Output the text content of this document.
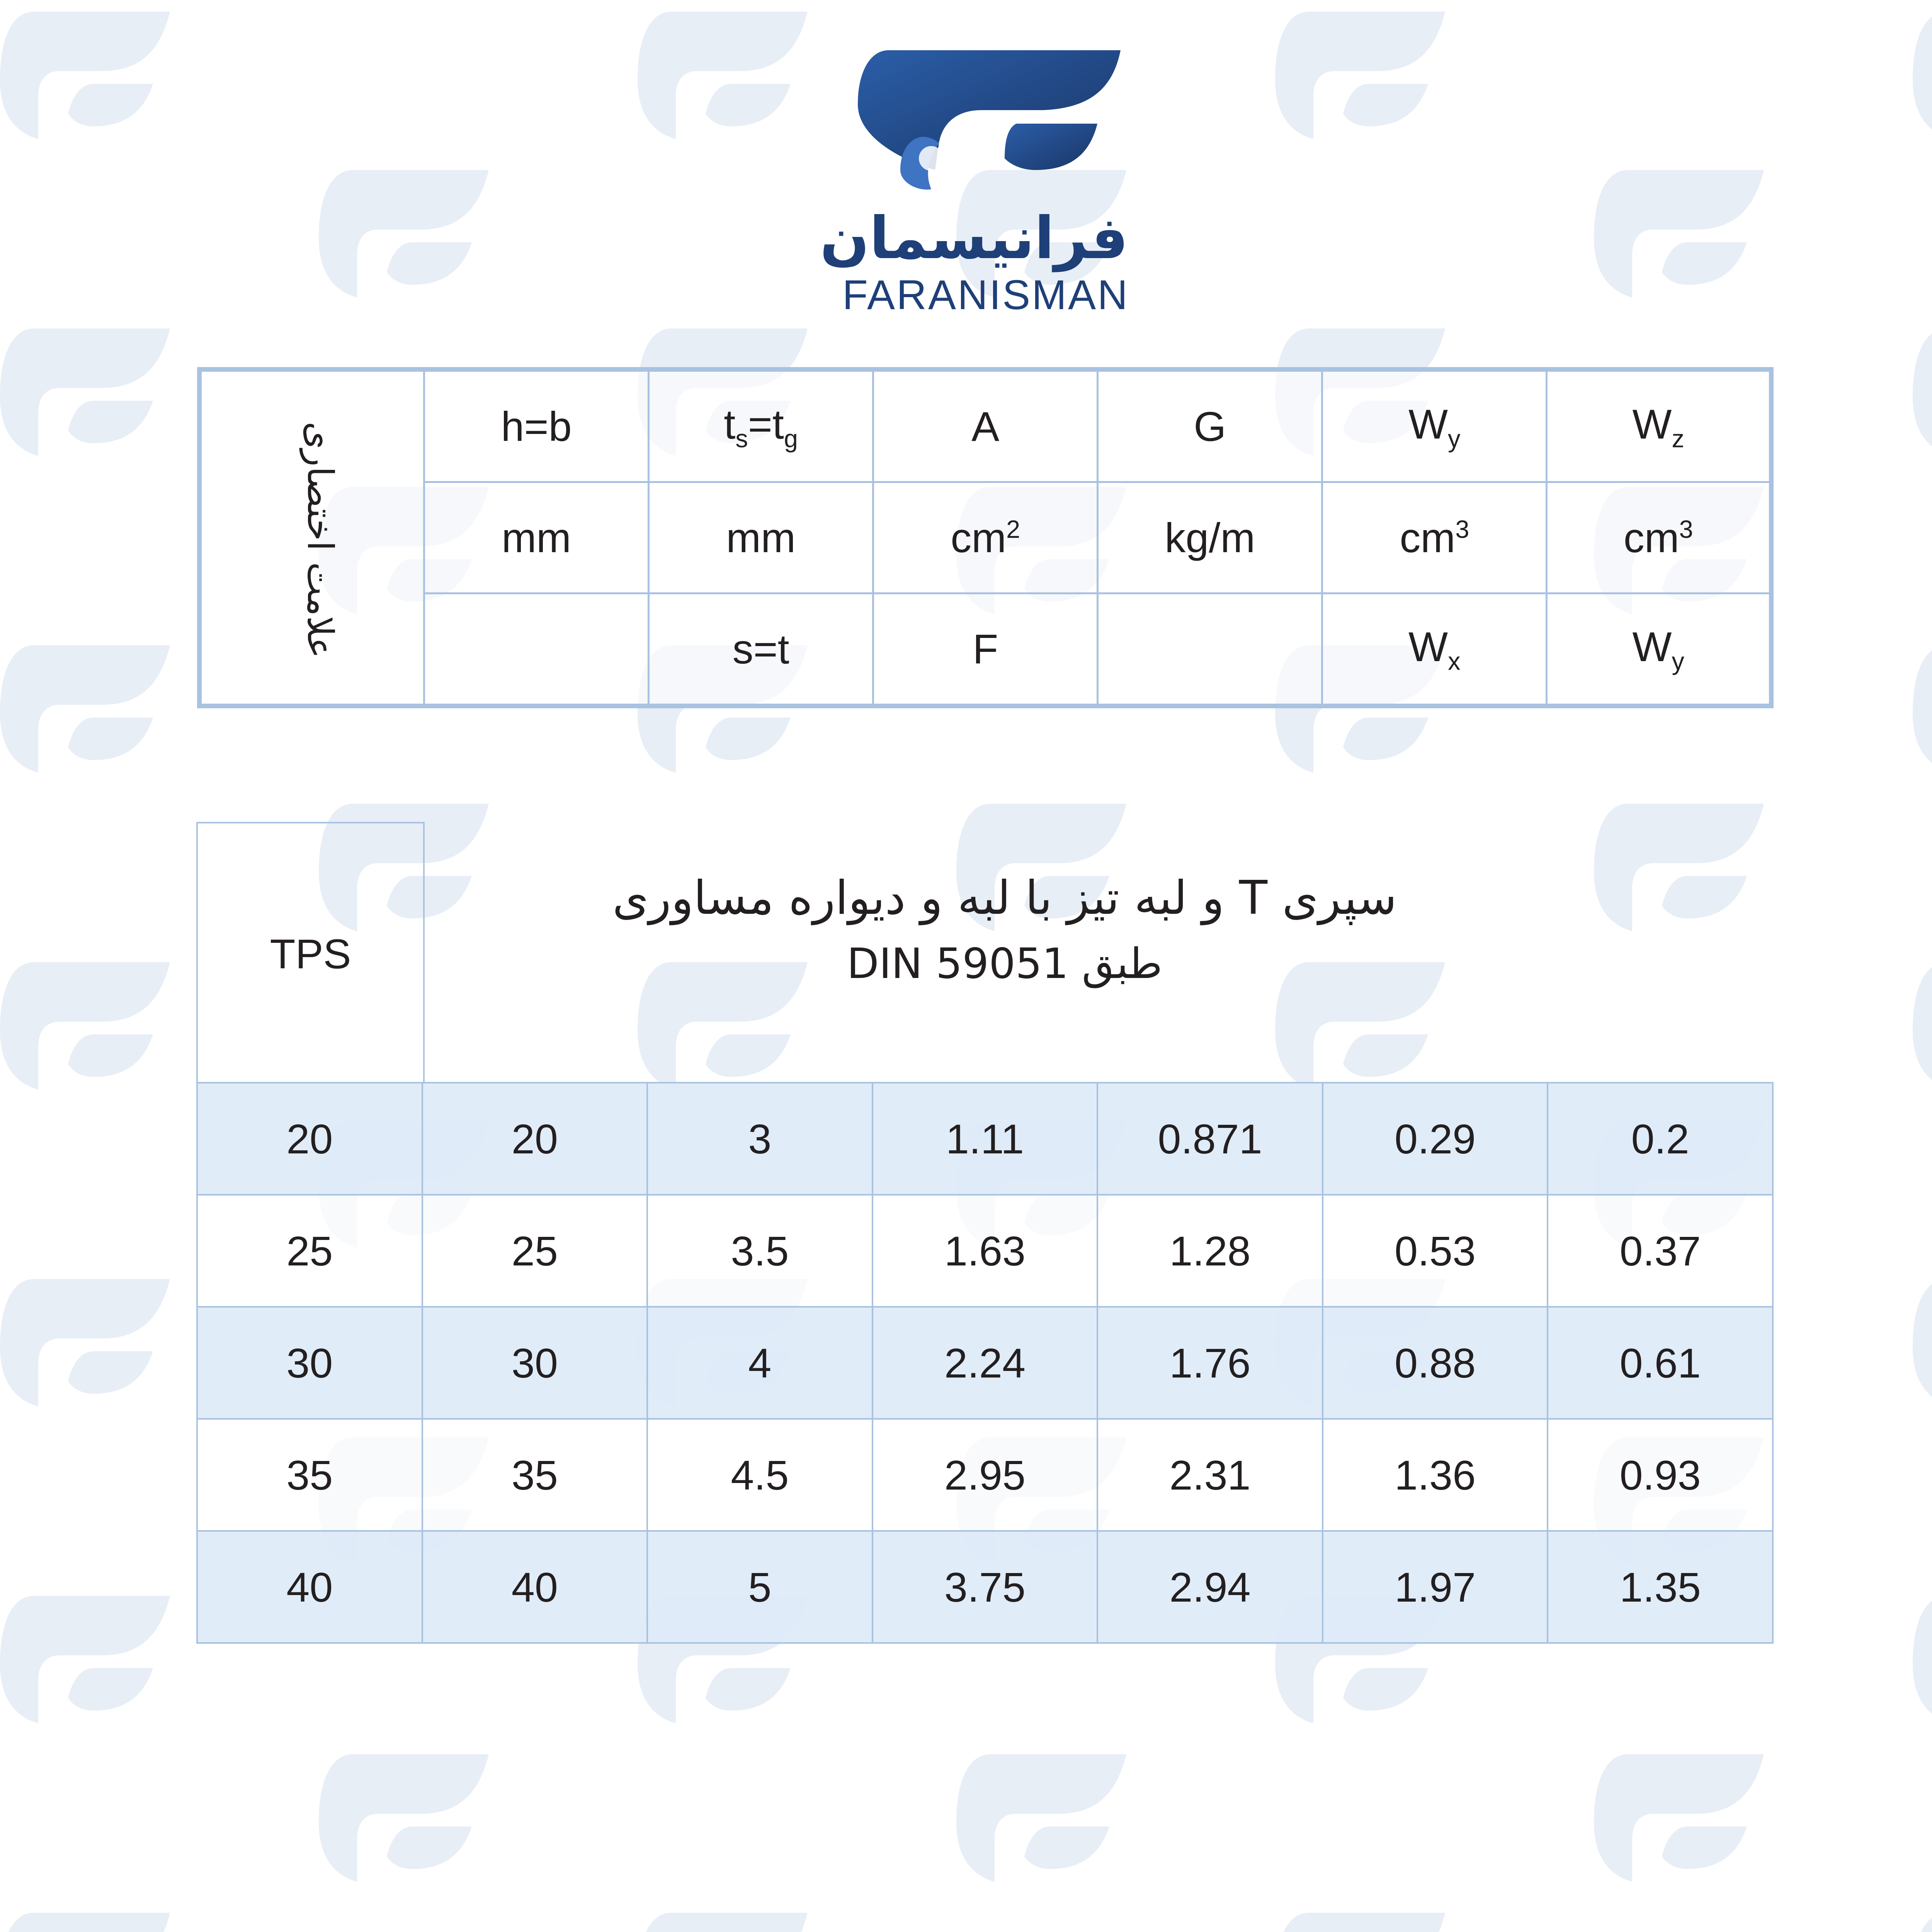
فرانیسمان
FARANISMAN
علامت اختصاری	h=b	$t_s=t_g$	A	G	$W_y$	$W_z$
	mm	mm	$cm^2$	kg/m	$cm^3$	$cm^3$
		s=t	F		$W_x$	$W_y$
TPS
سپری T و لبه تیز با لبه و دیواره مساوری
طبق DIN 59051
20	20	3	1.11	0.871	0.29	0.2
25	25	3.5	1.63	1.28	0.53	0.37
30	30	4	2.24	1.76	0.88	0.61
35	35	4.5	2.95	2.31	1.36	0.93
40	40	5	3.75	2.94	1.97	1.35
